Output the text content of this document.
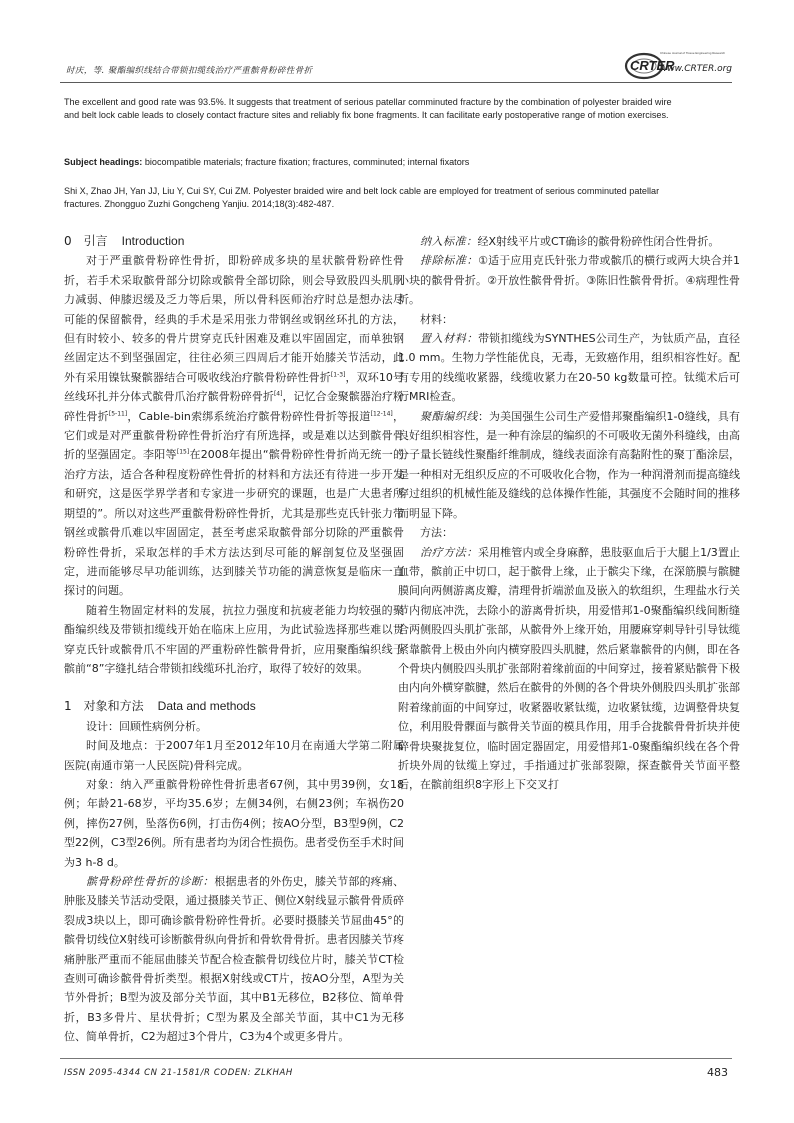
时庆，等. 聚酯编织线结合带锁扣缆线治疗严重髌骨粉碎性骨折	CRTER
Chinese Journal of Tissue Engineering Research
www.CRTER.org
The excellent and good rate was 93.5%. It suggests that treatment of serious patellar comminuted fracture by the combination of polyester braided wire and belt lock cable leads to closely contact fracture sites and reliably fix bone fragments. It can facilitate early postoperative range of motion exercises.
Subject headings: biocompatible materials; fracture fixation; fractures, comminuted; internal fixators
Shi X, Zhao JH, Yan JJ, Liu Y, Cui SY, Cui ZM. Polyester braided wire and belt lock cable are employed for treatment of serious comminuted patellar fractures. Zhongguo Zuzhi Gongcheng Yanjiu. 2014;18(3):482-487.
0 引言 Introduction

对于严重髌骨粉碎性骨折，即粉碎成多块的星状髌骨粉碎性骨折，若手术采取髌骨部分切除或髌骨全部切除，则会导致股四头肌肌力减弱、伸膝迟缓及乏力等后果，所以骨科医师治疗时总是想办法尽可能的保留髌骨，经典的手术是采用张力带钢丝或钢丝环扎的方法，但有时较小、较多的骨片贯穿克氏针困难及难以牢固固定，而单独钢丝固定达不到坚强固定，往往必须三四周后才能开始膝关节活动，此外有采用镍钛聚髌器结合可吸收线治疗髌骨粉碎性骨折[1-3]，双环10号丝线环扎并分体式髌骨爪治疗髌骨粉碎骨折[4]，记忆合金聚髌器治疗粉碎性骨折[5-11]，Cable-bin索绑系统治疗髌骨粉碎性骨折等报道[12-14]，它们或是对严重髌骨粉碎性骨折治疗有所选择，或是难以达到髌骨骨折的坚强固定。李阳等[15]在2008年提出“髌骨粉碎性骨折尚无统一的治疗方法，适合各种程度粉碎性骨折的材料和方法还有待进一步开发和研究，这是医学界学者和专家进一步研究的课题，也是广大患者所期望的”。所以对这些严重髌骨粉碎性骨折，尤其是那些克氏针张力带钢丝或髌骨爪难以牢固固定，甚至考虑采取髌骨部分切除的严重髌骨粉碎性骨折，采取怎样的手术方法达到尽可能的解剖复位及坚强固定，进而能够尽早功能训练，达到膝关节功能的满意恢复是临床一直探讨的问题。

随着生物固定材料的发展，抗拉力强度和抗疲老能力均较强的聚酯编织线及带锁扣缆线开始在临床上应用，为此试验选择那些难以贯穿克氏针或髌骨爪不牢固的严重粉碎性髌骨骨折，应用聚酯编织线于髌前“8”字缝扎结合带锁扣线缆环扎治疗，取得了较好的效果。

1 对象和方法 Data and methods

设计：回顾性病例分析。

时间及地点：于2007年1月至2012年10月在南通大学第二附属医院(南通市第一人民医院)骨科完成。

对象：纳入严重髌骨粉碎性骨折患者67例，其中男39例，女18例；年龄21-68岁，平均35.6岁；左侧34例，右侧23例；车祸伤20例，摔伤27例，坠落伤6例，打击伤4例；按AO分型，B3型9例，C2型22例，C3型26例。所有患者均为闭合性损伤。患者受伤至手术时间为3 h-8 d。

髌骨粉碎性骨折的诊断：根据患者的外伤史，膝关节部的疼痛、肿胀及膝关节活动受限，通过摄膝关节正、侧位X射线显示髌骨骨质碎裂成3块以上，即可确诊髌骨粉碎性骨折。必要时摄膝关节屈曲45°的髌骨切线位X射线可诊断髌骨纵向骨折和骨软骨骨折。患者因膝关节疼痛肿胀严重而不能屈曲膝关节配合检查髌骨切线位片时，膝关节CT检查则可确诊髌骨骨折类型。根据X射线或CT片，按AO分型，A型为关节外骨折；B型为波及部分关节面，其中B1无移位，B2移位、简单骨折，B3多骨片、星状骨折；C型为累及全部关节面，其中C1为无移位、简单骨折，C2为超过3个骨片，C3为4个或更多骨片。

纳入标准：经X射线平片或CT确诊的髌骨粉碎性闭合性骨折。

排除标准：①适于应用克氏针张力带或髌爪的横行或两大块合并1小块的髌骨骨折。②开放性髌骨骨折。③陈旧性髌骨骨折。④病理性骨折。

材料：

置入材料：带锁扣缆线为SYNTHES公司生产，为钛质产品，直径1.0 mm。生物力学性能优良，无毒，无致癌作用，组织相容性好。配有专用的线缆收紧器，线缆收紧力在20-50 kg数量可控。钛缆术后可行MRI检查。

聚酯编织线：为美国强生公司生产爱惜邦聚酯编织1-0缝线，具有良好组织相容性，是一种有涂层的编织的不可吸收无菌外科缝线，由高分子量长链线性聚酯纤维制成，缝线表面涂有高黏附性的聚丁酯涂层，是一种相对无组织反应的不可吸收化合物，作为一种润滑剂而提高缝线穿过组织的机械性能及缝线的总体操作性能，其强度不会随时间的推移而明显下降。

方法：

治疗方法：采用椎管内或全身麻醉，患肢驱血后于大腿上1/3置止血带，髌前正中切口，起于髌骨上缘，止于髌尖下缘，在深筋膜与髌腱膜间向两侧游离皮瓣，清理骨折端淤血及嵌入的软组织，生理盐水行关节内彻底冲洗，去除小的游离骨折块，用爱惜邦1-0聚酯编织线间断缝合两侧股四头肌扩张部，从髌骨外上缘开始，用腰麻穿刺导针引导钛缆紧靠髌骨上极由外向内横穿股四头肌腱，然后紧靠髌骨的内侧，即在各个骨块内侧股四头肌扩张部附着缘前面的中间穿过，接着紧贴髌骨下极由内向外横穿髌腱，然后在髌骨的外侧的各个骨块外侧股四头肌扩张部附着缘前面的中间穿过，收紧器收紧钛缆，边收紧钛缆，边调整骨块复位，利用股骨髁面与髌骨关节面的模具作用，用手合拢髌骨骨折块并使碎骨块聚拢复位，临时固定器固定，用爱惜邦1-0聚酯编织线在各个骨折块外周的钛缆上穿过，手指通过扩张部裂隙，探查髌骨关节面平整后，在髌前组织8字形上下交叉打

ISSN 2095-4344 CN 21-1581/R CODEN: ZLKHAH	483
